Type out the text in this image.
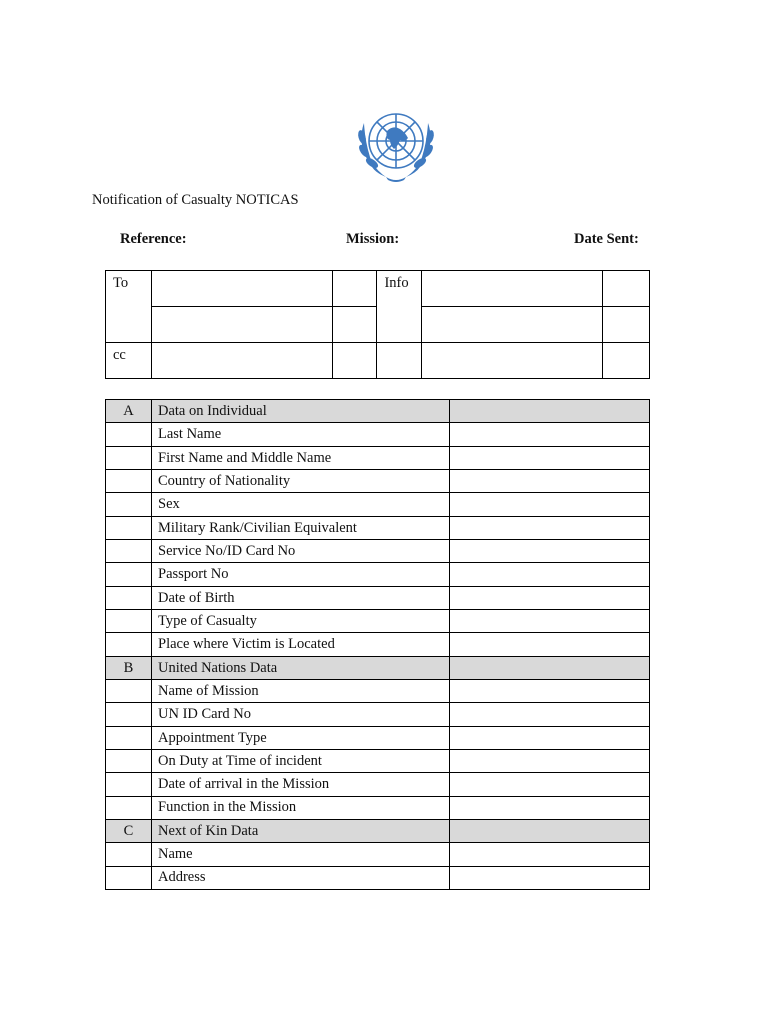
Notification of Casualty NOTICAS
Reference:	Mission:	Date Sent:
To			Info		

cc					
A	Data on Individual	
	Last Name	
	First Name and Middle Name	
	Country of Nationality	
	Sex	
	Military Rank/Civilian Equivalent	
	Service No/ID Card No	
	Passport No	
	Date of Birth	
	Type of Casualty	
	Place where Victim is Located	
B	United Nations Data	
	Name of Mission	
	UN ID Card No	
	Appointment Type	
	On Duty at Time of incident	
	Date of arrival in the Mission	
	Function in the Mission	
C	Next of Kin Data	
	Name	
	Address	
